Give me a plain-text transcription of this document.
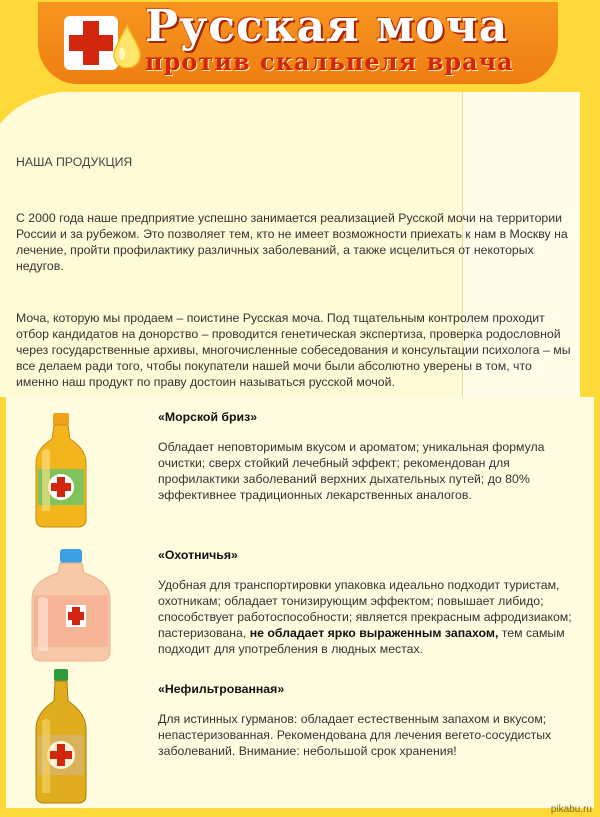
Русская моча
против скальпеля врача
НАША ПРОДУКЦИЯ

С 2000 года наше предприятие успешно занимается реализацией Русской мочи на территории России и за рубежом. Это позволяет тем, кто не имеет возможности приехать к нам в Москву на лечение, пройти профилактику различных заболеваний, а также исцелиться от некоторых недугов.

Моча, которую мы продаем – поистине Русская моча. Под тщательным контролем проходит отбор кандидатов на донорство – проводится генетическая экспертиза, проверка родословной через государственные архивы, многочисленные собеседования и консультации психолога – мы все делаем ради того, чтобы покупатели нашей мочи были абсолютно уверены в том, что именно наш продукт по праву достоин называться русской мочой.

«Морской бриз»
Обладает неповторимым вкусом и ароматом; уникальная формула очистки; сверх стойкий лечебный эффект; рекомендован для профилактики заболеваний верхних дыхательных путей; до 80% эффективнее традиционных лекарственных аналогов.
«Охотничья»
Удобная для транспортировки упаковка идеально подходит туристам, охотникам; обладает тонизирующим эффектом; повышает либидо; способствует работоспособности; является прекрасным афродизиаком; пастеризована, не обладает ярко выраженным запахом, тем самым подходит для употребления в людных местах.
«Нефильтрованная»
Для истинных гурманов: обладает естественным запахом и вкусом; непастеризованная. Рекомендована для лечения вегето-сосудистых заболеваний. Внимание: небольшой срок хранения!
pikabu.ru
